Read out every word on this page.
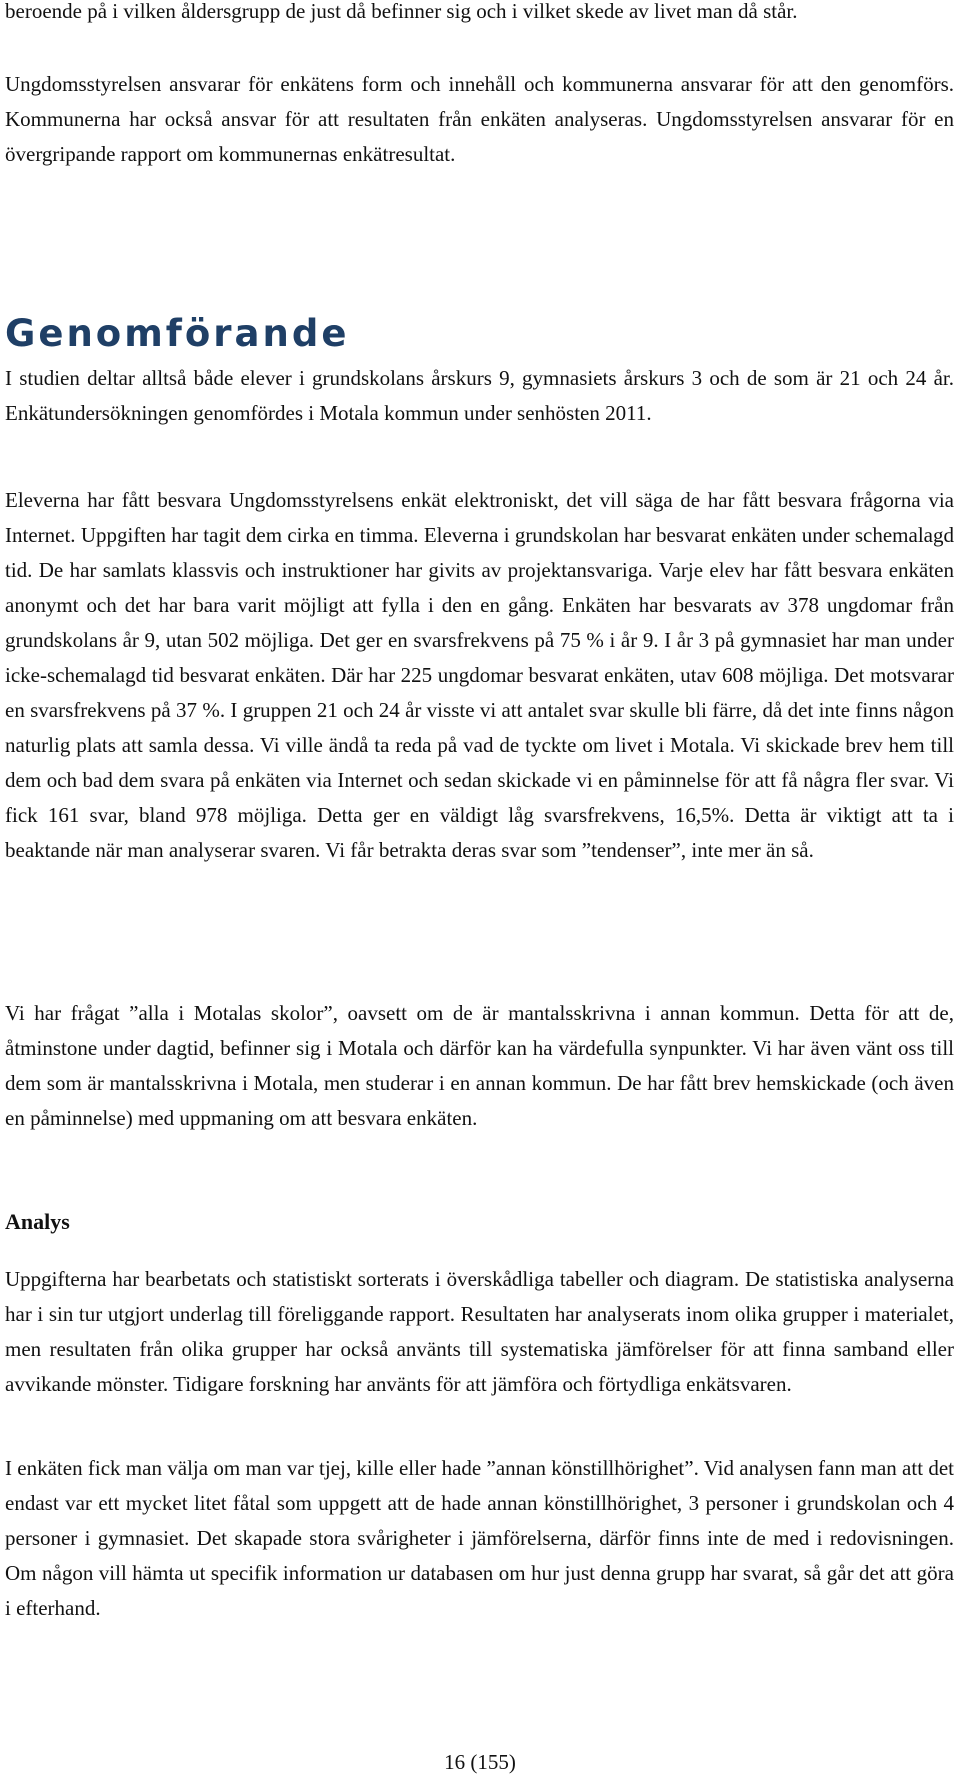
beroende på i vilken åldersgrupp de just då befinner sig och i vilket skede av livet man då står.

Ungdomsstyrelsen ansvarar för enkätens form och innehåll och kommunerna ansvarar för att den genomförs. Kommunerna har också ansvar för att resultaten från enkäten analyseras. Ungdomsstyrelsen ansvarar för en övergripande rapport om kommunernas enkätresultat.

Genomförande

I studien deltar alltså både elever i grundskolans årskurs 9, gymnasiets årskurs 3 och de som är 21 och 24 år. Enkätundersökningen genomfördes i Motala kommun under senhösten 2011.

Eleverna har fått besvara Ungdomsstyrelsens enkät elektroniskt, det vill säga de har fått besvara frågorna via Internet. Uppgiften har tagit dem cirka en timma. Eleverna i grundskolan har besvarat enkäten under schemalagd tid. De har samlats klassvis och instruktioner har givits av projektansvariga. Varje elev har fått besvara enkäten anonymt och det har bara varit möjligt att fylla i den en gång. Enkäten har besvarats av 378 ungdomar från grundskolans år 9, utan 502 möjliga. Det ger en svarsfrekvens på 75 % i år 9. I år 3 på gymnasiet har man under icke-schemalagd tid besvarat enkäten. Där har 225 ungdomar besvarat enkäten, utav 608 möjliga. Det motsvarar en svarsfrekvens på 37 %. I gruppen 21 och 24 år visste vi att antalet svar skulle bli färre, då det inte finns någon naturlig plats att samla dessa. Vi ville ändå ta reda på vad de tyckte om livet i Motala. Vi skickade brev hem till dem och bad dem svara på enkäten via Internet och sedan skickade vi en påminnelse för att få några fler svar. Vi fick 161 svar, bland 978 möjliga. Detta ger en väldigt låg svarsfrekvens, 16,5%. Detta är viktigt att ta i beaktande när man analyserar svaren. Vi får betrakta deras svar som ”tendenser”, inte mer än så.

Vi har frågat ”alla i Motalas skolor”, oavsett om de är mantalsskrivna i annan kommun. Detta för att de, åtminstone under dagtid, befinner sig i Motala och därför kan ha värdefulla synpunkter. Vi har även vänt oss till dem som är mantalsskrivna i Motala, men studerar i en annan kommun. De har fått brev hemskickade (och även en påminnelse) med uppmaning om att besvara enkäten.

Analys

Uppgifterna har bearbetats och statistiskt sorterats i överskådliga tabeller och diagram. De statistiska analyserna har i sin tur utgjort underlag till föreliggande rapport. Resultaten har analyserats inom olika grupper i materialet, men resultaten från olika grupper har också använts till systematiska jämförelser för att finna samband eller avvikande mönster. Tidigare forskning har använts för att jämföra och förtydliga enkätsvaren.

I enkäten fick man välja om man var tjej, kille eller hade ”annan könstillhörighet”. Vid analysen fann man att det endast var ett mycket litet fåtal som uppgett att de hade annan könstillhörighet, 3 personer i grundskolan och 4 personer i gymnasiet. Det skapade stora svårigheter i jämförelserna, därför finns inte de med i redovisningen. Om någon vill hämta ut specifik information ur databasen om hur just denna grupp har svarat, så går det att göra i efterhand.

16 (155)
